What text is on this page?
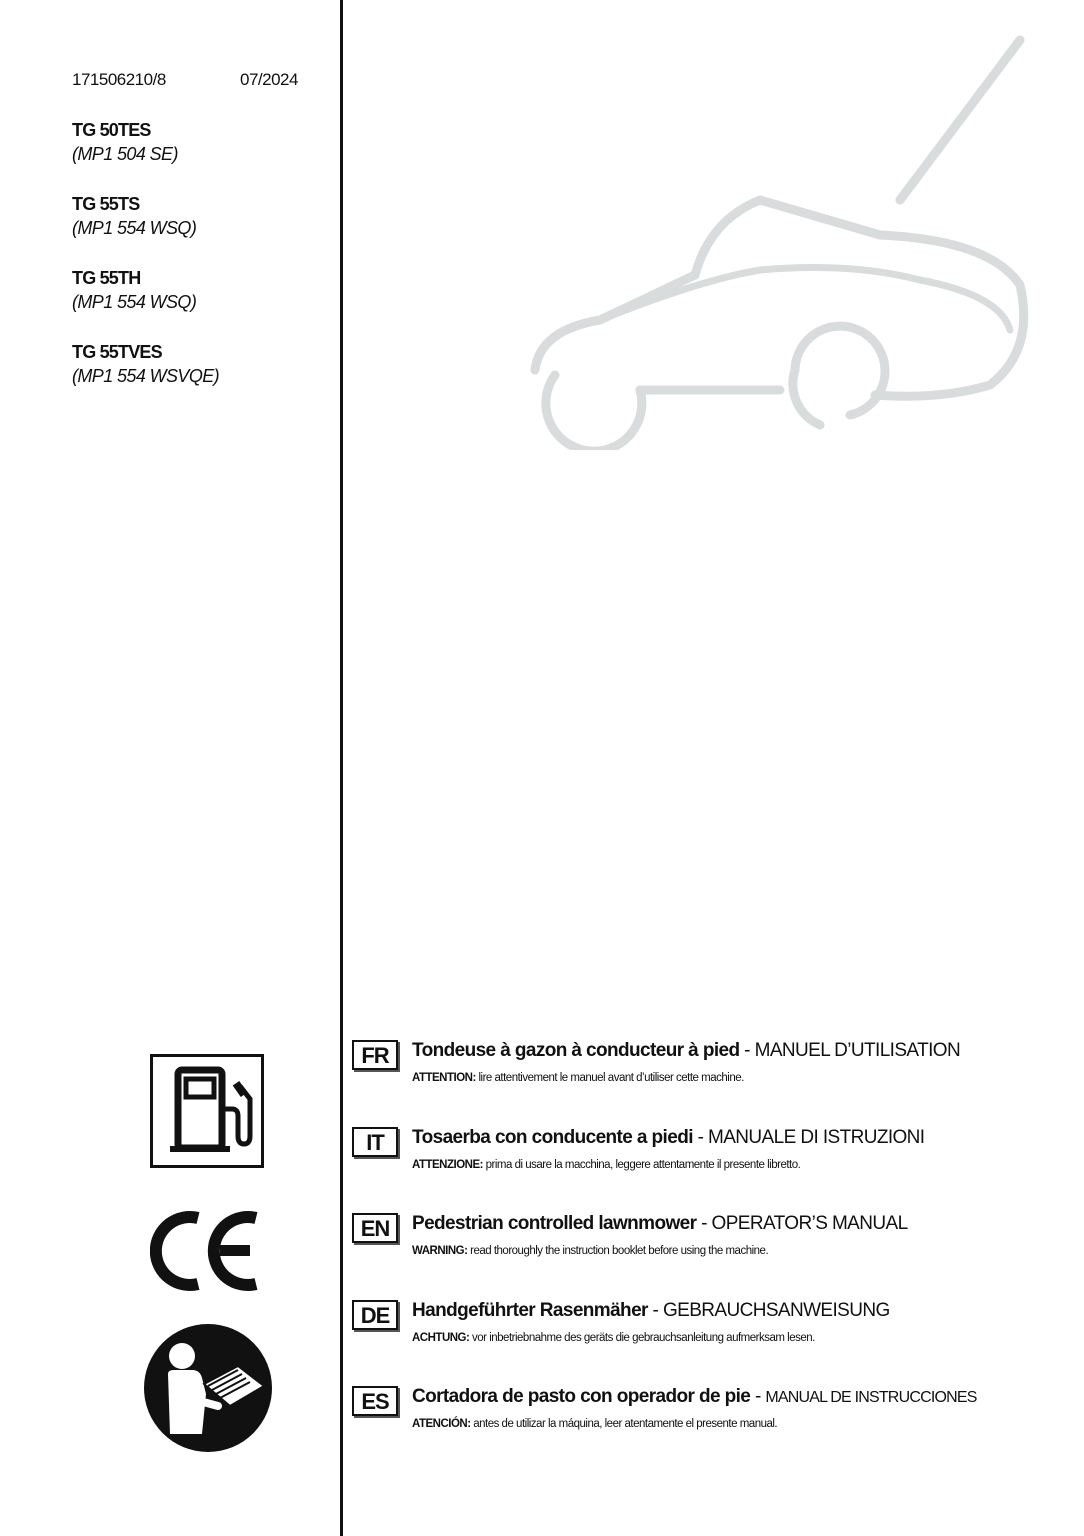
171506210/8	07/2024
TG 50TES
(MP1 504 SE)
TG 55TS
(MP1 554 WSQ)
TG 55TH
(MP1 554 WSQ)
TG 55TVES
(MP1 554 WSVQE)
FR	Tondeuse à gazon à conducteur à pied - MANUEL D’UTILISATION
ATTENTION: lire attentivement le manuel avant d’utiliser cette machine.
IT	Tosaerba con conducente a piedi - MANUALE DI ISTRUZIONI
ATTENZIONE: prima di usare la macchina, leggere attentamente il presente libretto.
EN	Pedestrian controlled lawnmower - OPERATOR’S MANUAL
WARNING: read thoroughly the instruction booklet before using the machine.
DE	Handgeführter Rasenmäher - GEBRAUCHSANWEISUNG
ACHTUNG: vor inbetriebnahme des geräts die gebrauchsanleitung aufmerksam lesen.
ES	Cortadora de pasto con operador de pie - MANUAL DE INSTRUCCIONES
ATENCIÓN: antes de utilizar la máquina, leer atentamente el presente manual.
